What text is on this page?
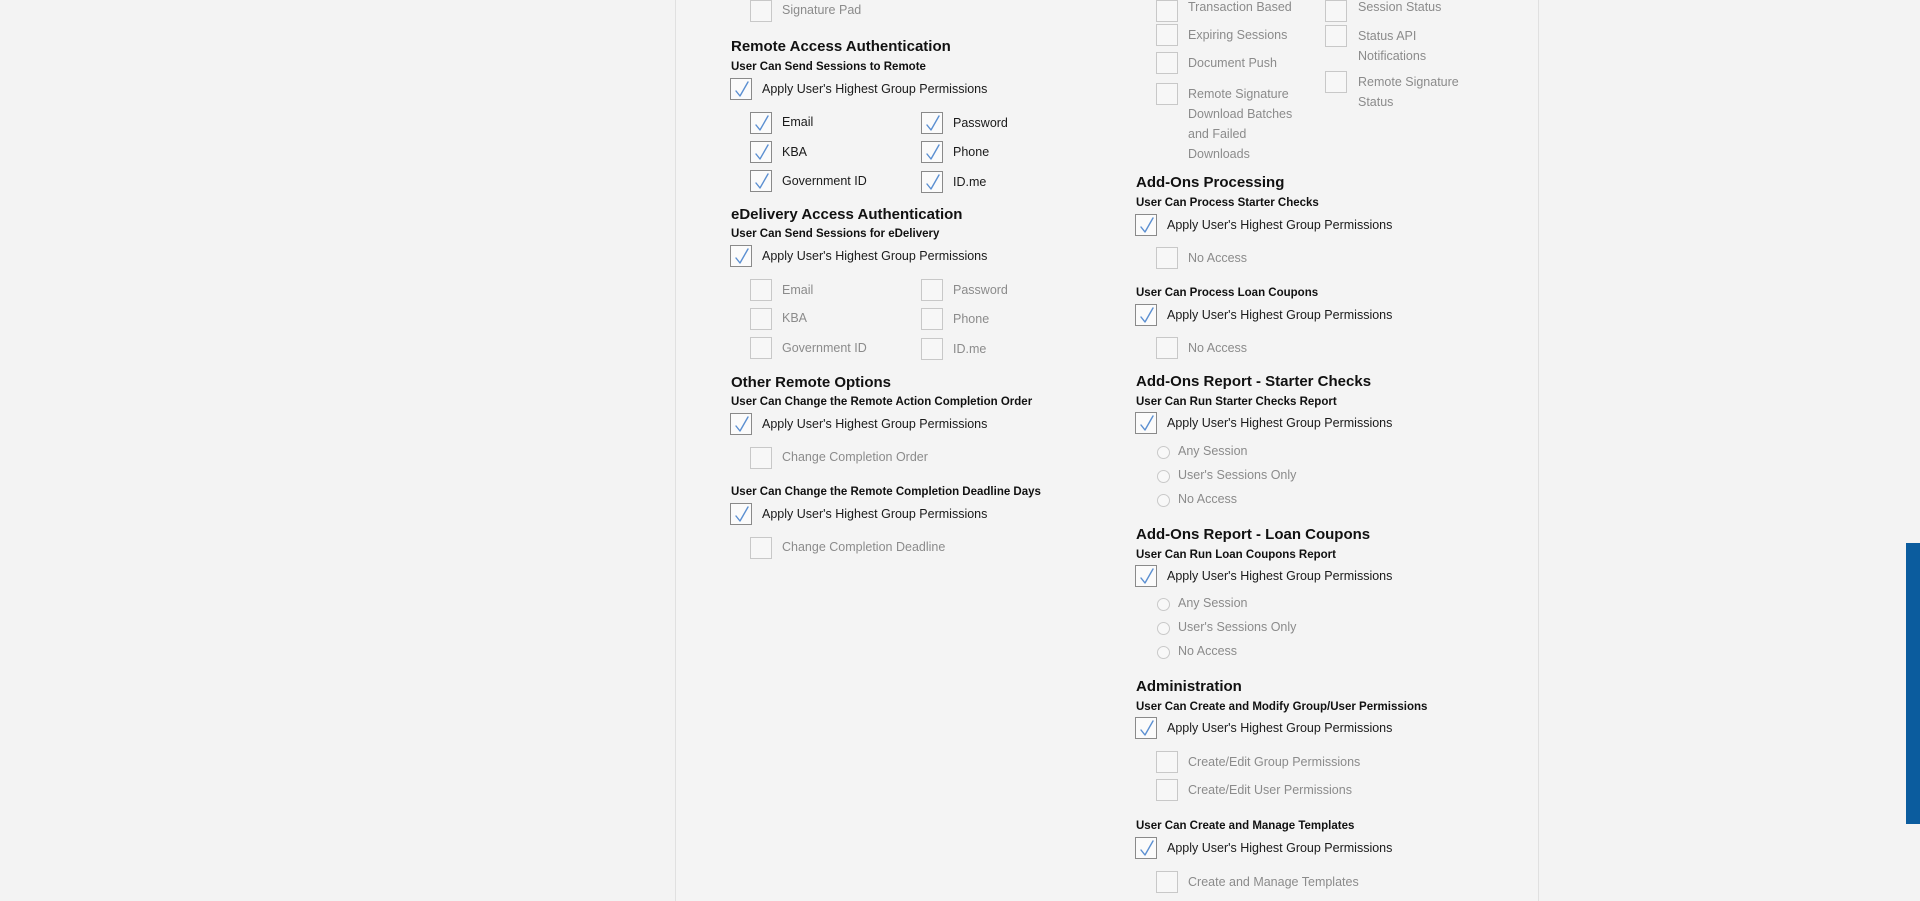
Signature Pad
Remote Access Authentication
User Can Send Sessions to Remote
Apply User's Highest Group Permissions
Email	Password
KBA	Phone
Government ID	ID.me
eDelivery Access Authentication
User Can Send Sessions for eDelivery
Apply User's Highest Group Permissions
Email	Password
KBA	Phone
Government ID	ID.me
Other Remote Options
User Can Change the Remote Action Completion Order
Apply User's Highest Group Permissions
Change Completion Order
User Can Change the Remote Completion Deadline Days
Apply User's Highest Group Permissions
Change Completion Deadline
Transaction Based
Expiring Sessions
Document Push
Remote Signature
Download Batches
and Failed
Downloads
Session Status
Status API
Notifications
Remote Signature
Status
Add-Ons Processing
User Can Process Starter Checks
Apply User's Highest Group Permissions
No Access
User Can Process Loan Coupons
Apply User's Highest Group Permissions
No Access
Add-Ons Report - Starter Checks
User Can Run Starter Checks Report
Apply User's Highest Group Permissions
Any Session
User's Sessions Only
No Access
Add-Ons Report - Loan Coupons
User Can Run Loan Coupons Report
Apply User's Highest Group Permissions
Any Session
User's Sessions Only
No Access
Administration
User Can Create and Modify Group/User Permissions
Apply User's Highest Group Permissions
Create/Edit Group Permissions
Create/Edit User Permissions
User Can Create and Manage Templates
Apply User's Highest Group Permissions
Create and Manage Templates
